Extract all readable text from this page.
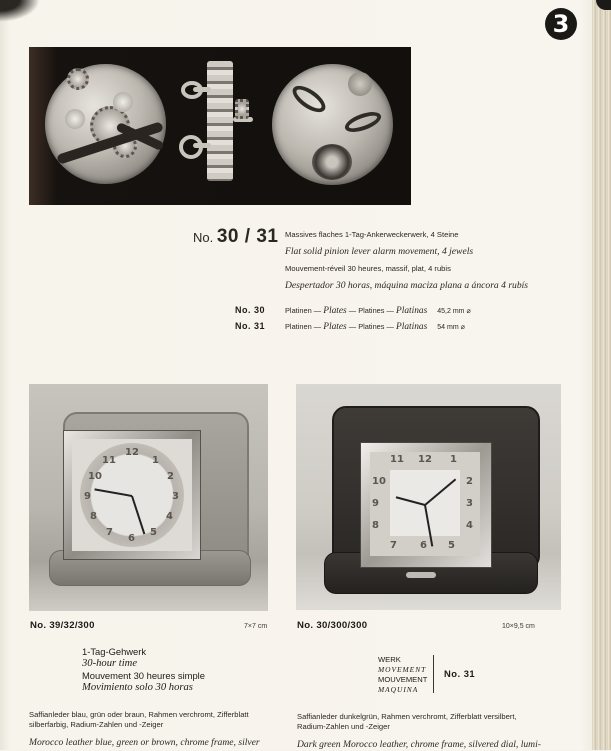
3
No. 30 / 31 Massives flaches 1-Tag-Ankerweckerwerk, 4 Steine
Flat solid pinion lever alarm movement, 4 jewels
Mouvement-réveil 30 heures, massif, plat, 4 rubis
Despertador 30 horas, máquina maciza plana a áncora 4 rubís
No. 30	Platinen — Plates — Platines — Platinas 45,2 mm ⌀
No. 31	Platinen — Plates — Platines — Platinas 54 mm ⌀
12
1
2
3
4
5
6
7
8
9
10
11	12 1
2
3
4
5
6
7
8
9
10
11
No. 39/32/300	7×7 cm
1-Tag-Gehwerk
30-hour time
Mouvement 30 heures simple
Movimiento solo 30 horas
No. 30/300/300	10×9,5 cm
WERK
MOVEMENT
MOUVEMENT
MAQUINA
No. 31
Saffianleder blau, grün oder braun, Rahmen verchromt, Zifferblatt
silberfarbig, Radium-Zahlen und -Zeiger
Morocco leather blue, green or brown, chrome frame, silver
Saffianleder dunkelgrün, Rahmen verchromt, Zifferblatt versilbert,
Radium-Zahlen und -Zeiger
Dark green Morocco leather, chrome frame, silvered dial, lumi-
